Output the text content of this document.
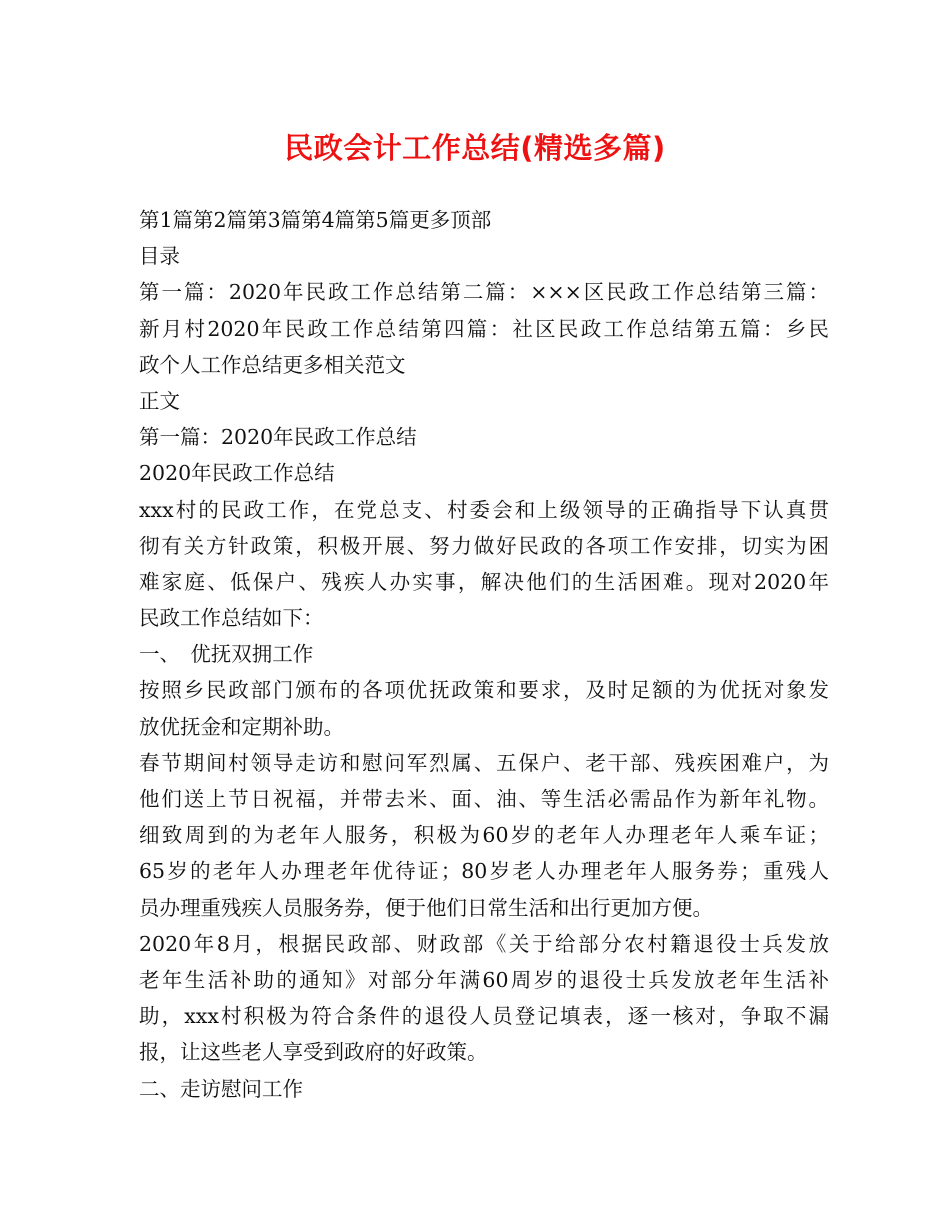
民政会计工作总结(精选多篇)
第1篇第2篇第3篇第4篇第5篇更多顶部
目录
第一篇：2020年民政工作总结第二篇：×××区民政工作总结第三篇：
新月村2020年民政工作总结第四篇：社区民政工作总结第五篇：乡民
政个人工作总结更多相关范文
正文
第一篇：2020年民政工作总结
2020年民政工作总结
xxx村的民政工作，在党总支、村委会和上级领导的正确指导下认真贯
彻有关方针政策，积极开展、努力做好民政的各项工作安排，切实为困
难家庭、低保户、残疾人办实事，解决他们的生活困难。现对2020年
民政工作总结如下：
一、　优抚双拥工作
按照乡民政部门颁布的各项优抚政策和要求，及时足额的为优抚对象发
放优抚金和定期补助。
春节期间村领导走访和慰问军烈属、五保户、老干部、残疾困难户，为
他们送上节日祝福，并带去米、面、油、等生活必需品作为新年礼物。
细致周到的为老年人服务，积极为60岁的老年人办理老年人乘车证；
65岁的老年人办理老年优待证；80岁老人办理老年人服务券；重残人
员办理重残疾人员服务券，便于他们日常生活和出行更加方便。
2020年8月，根据民政部、财政部《关于给部分农村籍退役士兵发放
老年生活补助的通知》对部分年满60周岁的退役士兵发放老年生活补
助，xxx村积极为符合条件的退役人员登记填表，逐一核对，争取不漏
报，让这些老人享受到政府的好政策。
二、走访慰问工作
